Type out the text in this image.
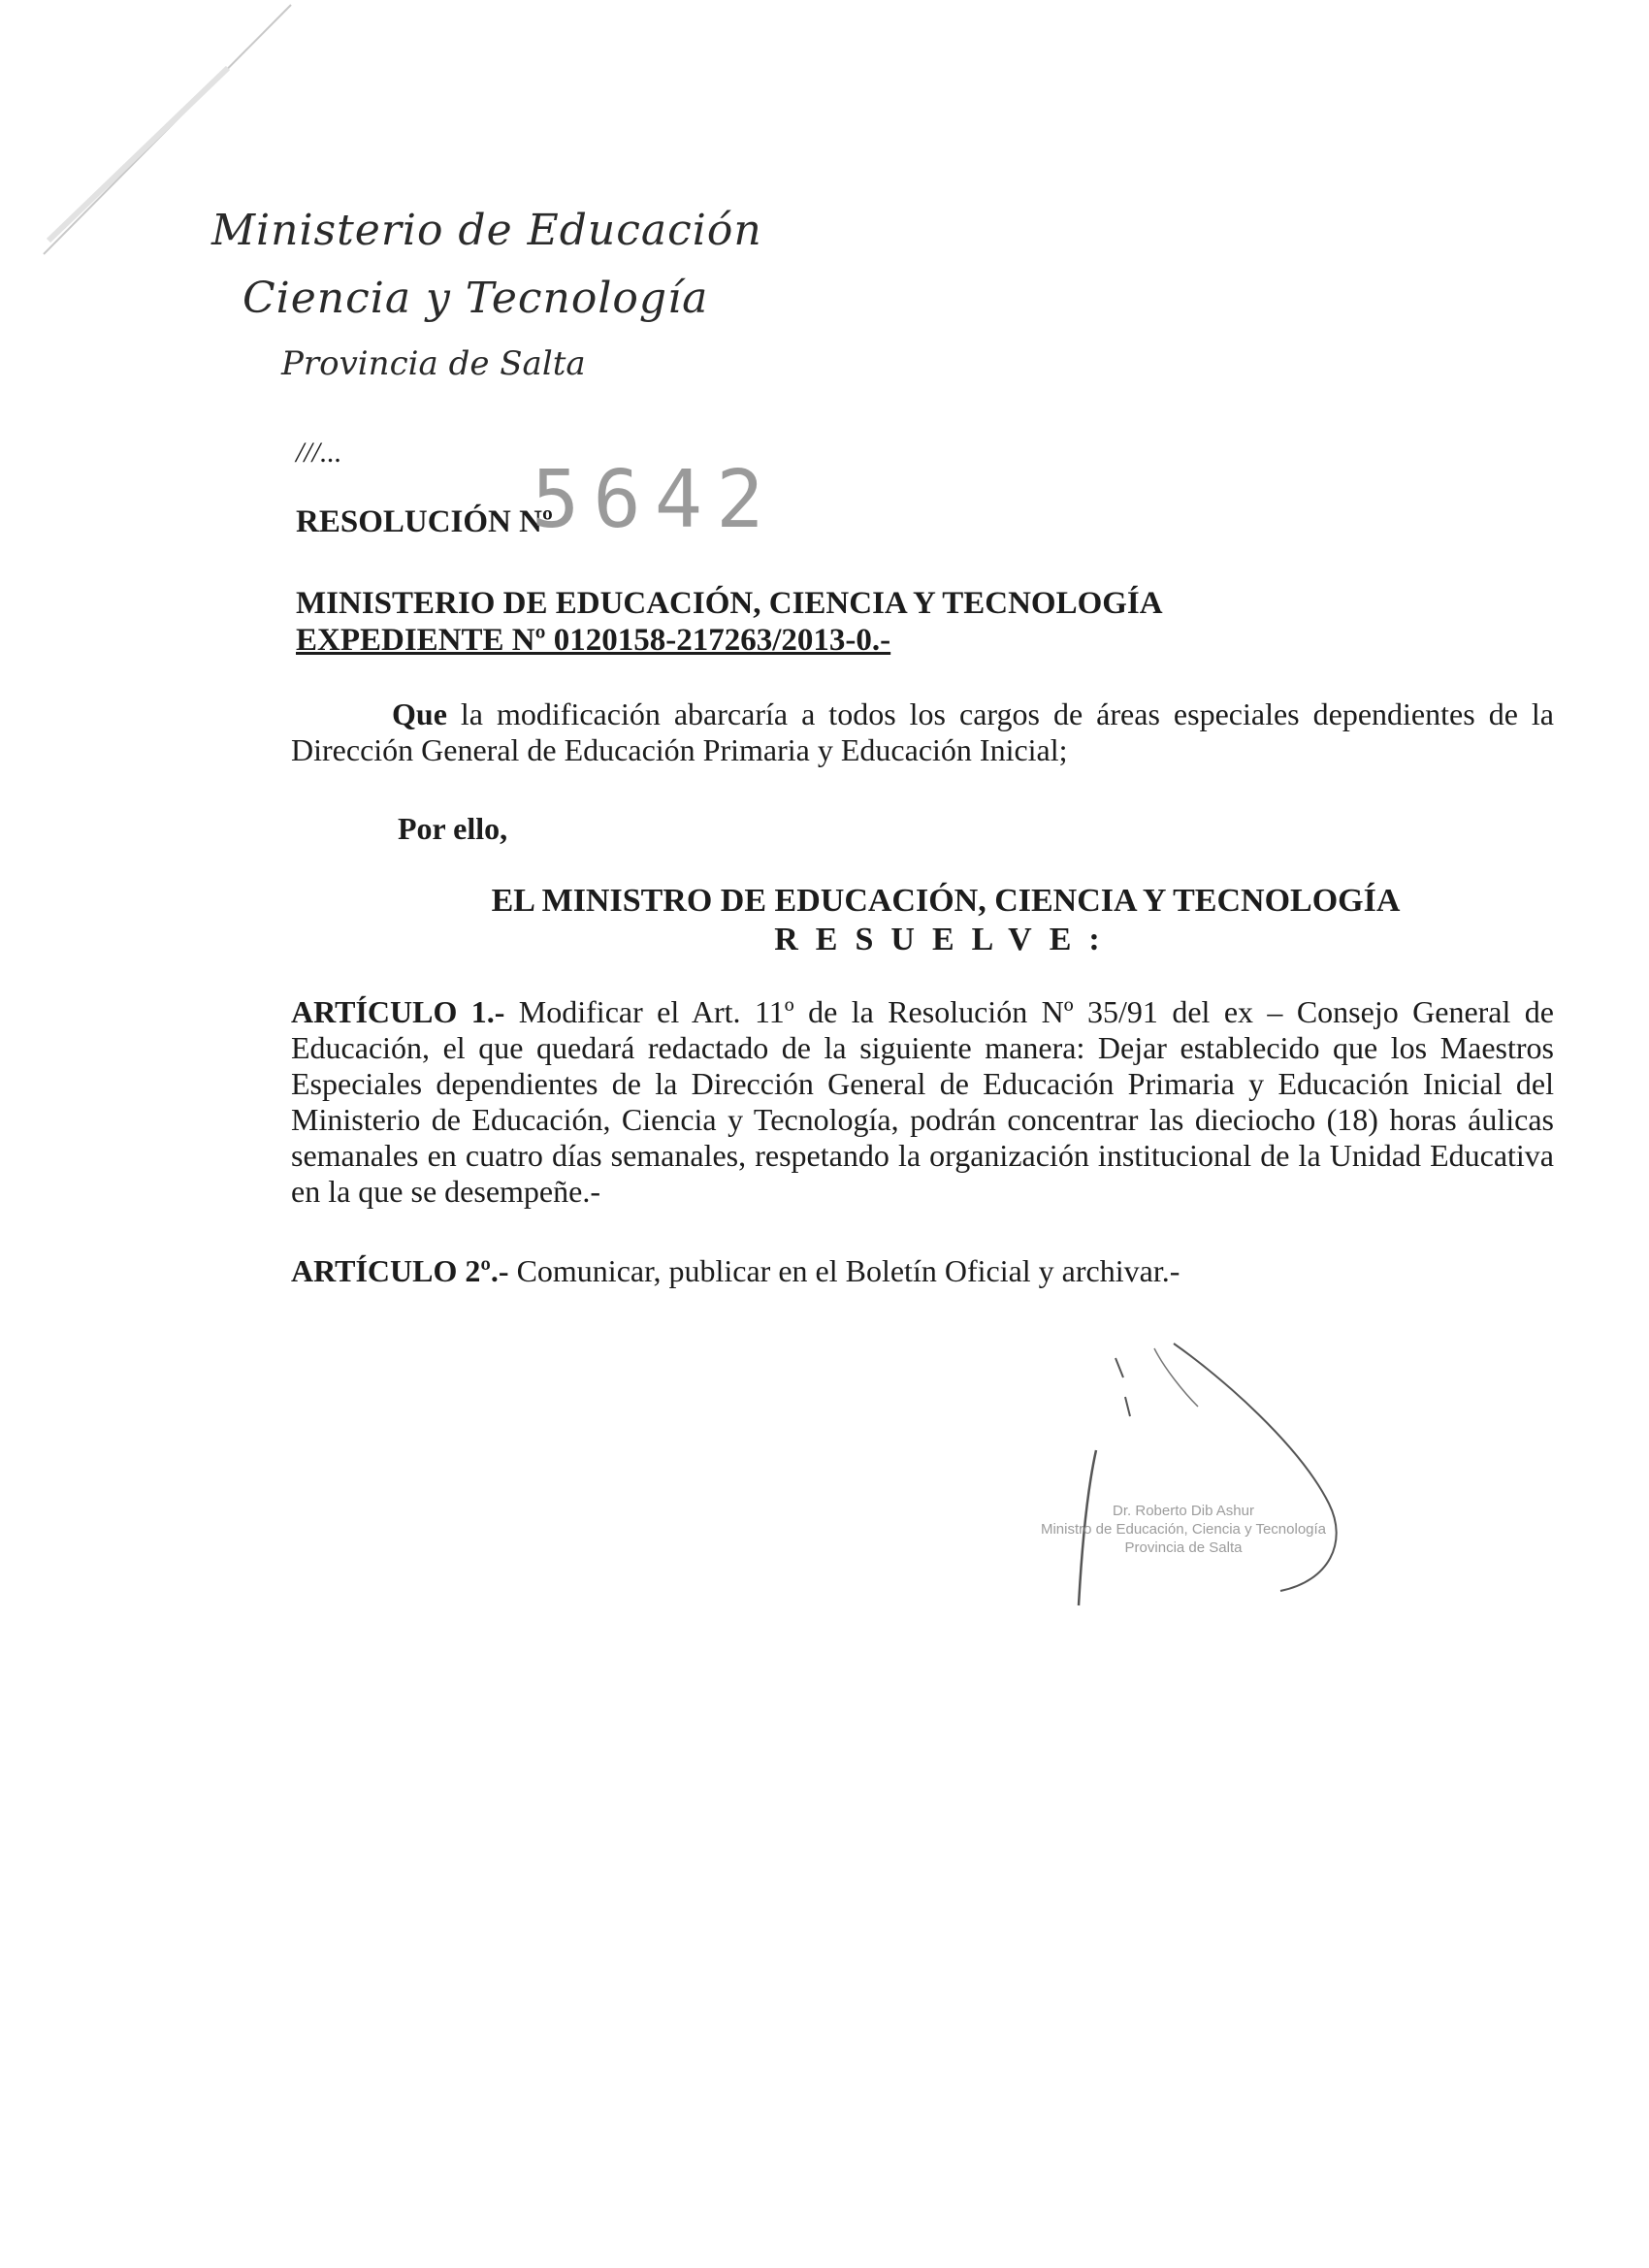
Ministerio de Educación
Ciencia y Tecnología
Provincia de Salta
///...
RESOLUCIÓN Nº
5642
MINISTERIO DE EDUCACIÓN, CIENCIA Y TECNOLOGÍA
EXPEDIENTE Nº 0120158-217263/2013-0.-
Que la modificación abarcaría a todos los cargos de áreas especiales dependientes de la Dirección General de Educación Primaria y Educación Inicial;
Por ello,
EL MINISTRO DE EDUCACIÓN, CIENCIA Y TECNOLOGÍA
RESUELVE:
ARTÍCULO 1.- Modificar el Art. 11º de la Resolución Nº 35/91 del ex – Consejo General de Educación, el que quedará redactado de la siguiente manera: Dejar establecido que los Maestros Especiales dependientes de la Dirección General de Educación Primaria y Educación Inicial del Ministerio de Educación, Ciencia y Tecnología, podrán concentrar las dieciocho (18) horas áulicas semanales en cuatro días semanales, respetando la organización institucional de la Unidad Educativa en la que se desempeñe.-
ARTÍCULO 2º.- Comunicar, publicar en el Boletín Oficial y archivar.-
Dr. Roberto Dib Ashur
Ministro de Educación, Ciencia y Tecnología
Provincia de Salta
